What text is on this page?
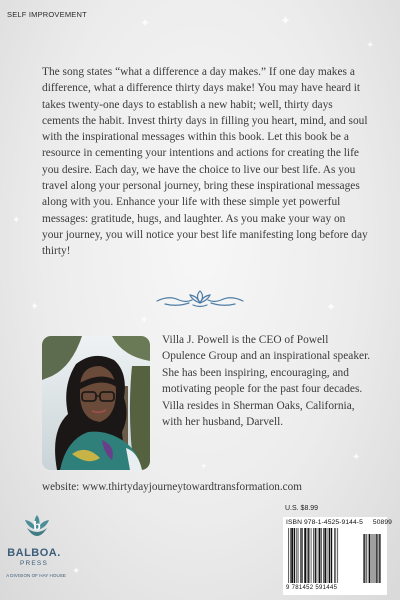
✦	✦
✦
✦
✦
✦
✦
✦
✦
✦

SELF IMPROVEMENT

The song states “what a difference a day makes.” If one day makes a difference, what a difference thirty days make! You may have heard it takes twenty-one days to establish a new habit; well, thirty days cements the habit. Invest thirty days in filling you heart, mind, and soul with the inspirational messages within this book. Let this book be a resource in cementing your intentions and actions for creating the life you desire. Each day, we have the choice to live our best life. As you travel along your personal journey, bring these inspirational messages along with you. Enhance your life with these simple yet powerful messages: gratitude, hugs, and laughter. As you make your way on your journey, you will notice your best life manifesting long before day thirty!

Villa J. Powell is the CEO of Powell Opulence Group and an inspirational speaker. She has been inspiring, encouraging, and motivating people for the past four decades. Villa resides in Sherman Oaks, California, with her husband, Darvell.

website: www.thirtydayjourneytowardtransformation.com

b
BALBOA.
PRESS
A DIVISION OF HAY HOUSE

U.S. $8.99

ISBN 978-1-4525-9144-5 50899
9 781452 591445
